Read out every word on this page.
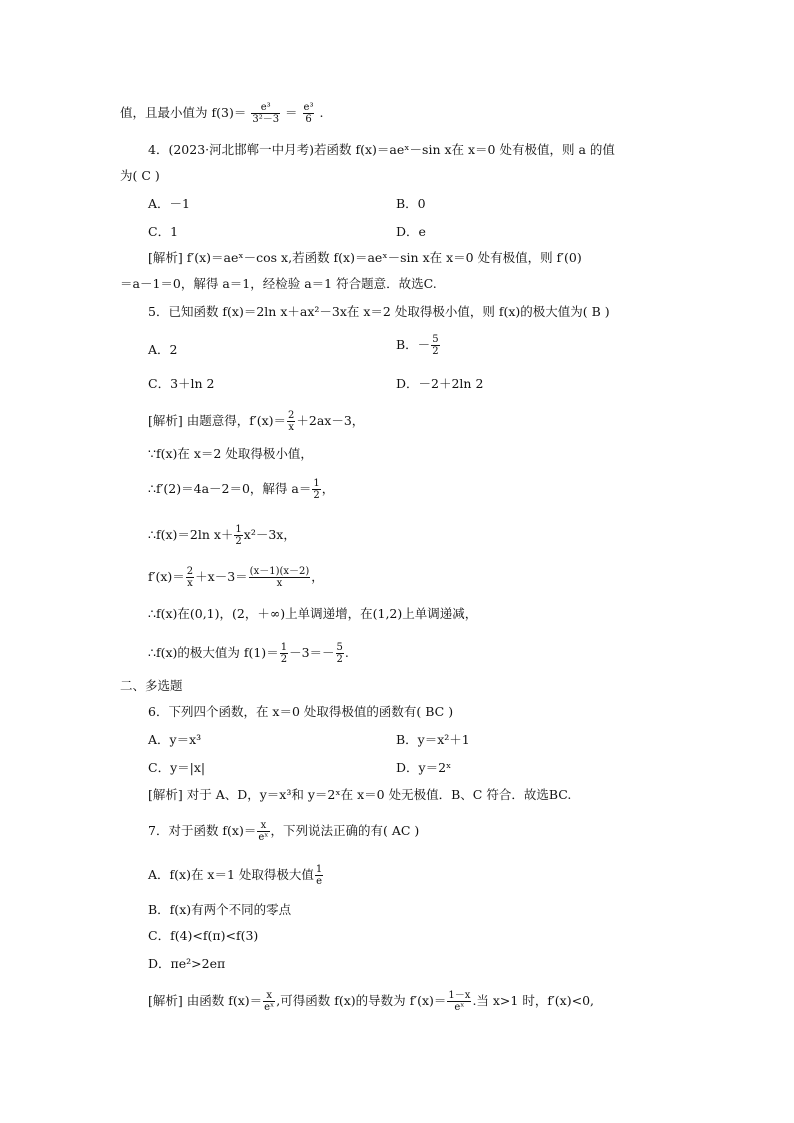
值，且最小值为 $f(3)= \frac{\text{e³}}{\text{3²－3}} = \frac{\text{e³}}{6}$ .
4．(2023·河北邯郸一中月考)若函数 f(x)＝aeˣ－sin x在 x＝0 处有极值，则 a 的值
为( C )
A．－1	B．0
C．1	D．e
[解析] f′(x)＝aeˣ－cos x,若函数 f(x)＝aeˣ－sin x在 x＝0 处有极值，则 f′(0)
＝a－1＝0，解得 a＝1，经检验 a＝1 符合题意．故选C.
5．已知函数 f(x)＝2ln x＋ax²－3x在 x＝2 处取得极小值，则 f(x)的极大值为( B )
A．2	B．－ $\frac{5}{2}$
C．3＋ln 2	D．－2＋2ln 2
[解析] 由题意得，$f'(x)= \frac{2}{x} +2ax-3$，
∵f(x)在 x＝2 处取得极小值，
∴f′(2)＝4a－2＝0，解得 $a= \frac{1}{2}$ ，
∴f(x)＝2ln $x+ \frac{1}{2} x^2-3x$，
$f'(x)= \frac{2}{x} +x-3= \frac{(x-1)(x-2)}{x}$ ，
∴f(x)在(0,1)，(2，＋∞)上单调递增，在(1,2)上单调递减，
∴f(x)的极大值为 $f(1)= \frac{1}{2} -3=- \frac{5}{2}$ .
二、多选题
6．下列四个函数，在 x＝0 处取得极值的函数有( BC )
A．y＝x³	B．y＝x²＋1
C．y＝|x|	D．y＝2ˣ
[解析] 对于 A、D，y＝x³和 y＝2ˣ在 x＝0 处无极值．B、C 符合．故选BC.
7．对于函数 $f(x)= \frac{x}{\text{eˣ}}$ ，下列说法正确的有( AC )
A．f(x)在 x＝1 处取得极大值 $\frac{1}{e}$
B．f(x)有两个不同的零点
C．f(4)<f(π)<f(3)
D．πe²>2eπ
[解析] 由函数 $f(x)= \frac{x}{\text{eˣ}}$ ,可得函数 f(x)的导数为 $f'(x)= \frac{1-x}{\text{eˣ}}$ .当 x>1 时，f′(x)<0,
